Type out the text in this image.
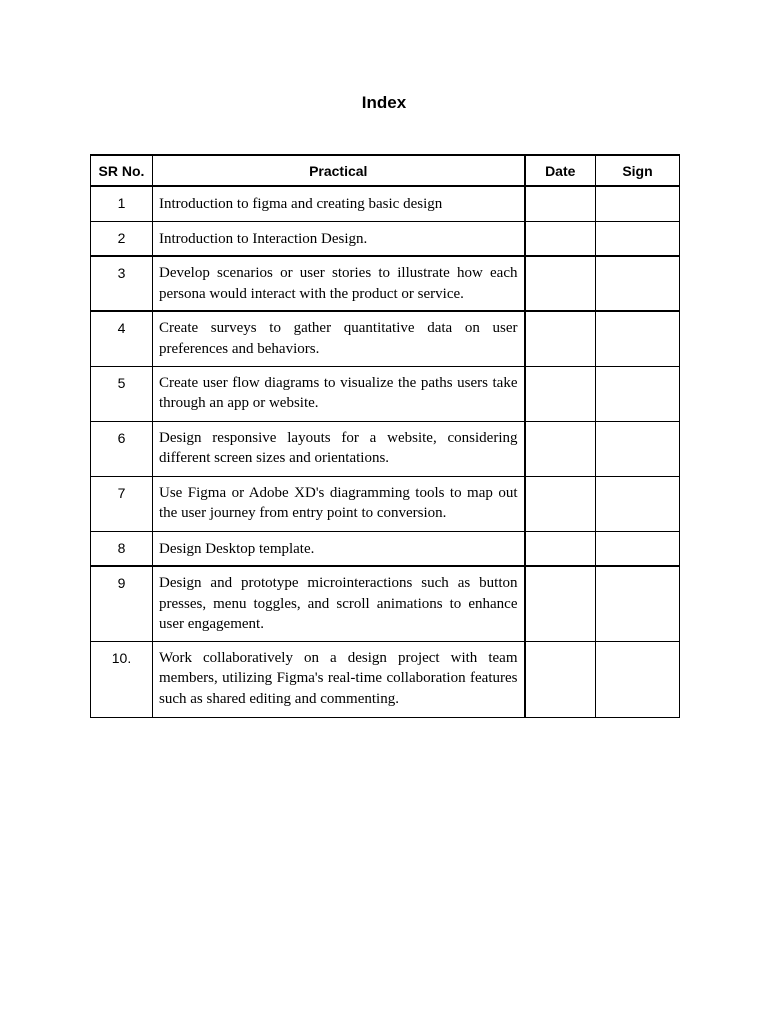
Index
SR No.	Practical	Date	Sign
1	Introduction to figma and creating basic design		
2	Introduction to Interaction Design.		
3	Develop scenarios or user stories to illustrate how each persona would interact with the product or service.		
4	Create surveys to gather quantitative data on user preferences and behaviors.		
5	Create user flow diagrams to visualize the paths users take through an app or website.		
6	Design responsive layouts for a website, considering different screen sizes and orientations.		
7	Use Figma or Adobe XD's diagramming tools to map out the user journey from entry point to conversion.		
8	Design Desktop template.		
9	Design and prototype microinteractions such as button presses, menu toggles, and scroll animations to enhance user engagement.		
10.	Work collaboratively on a design project with team members, utilizing Figma's real-time collaboration features such as shared editing and commenting.		
